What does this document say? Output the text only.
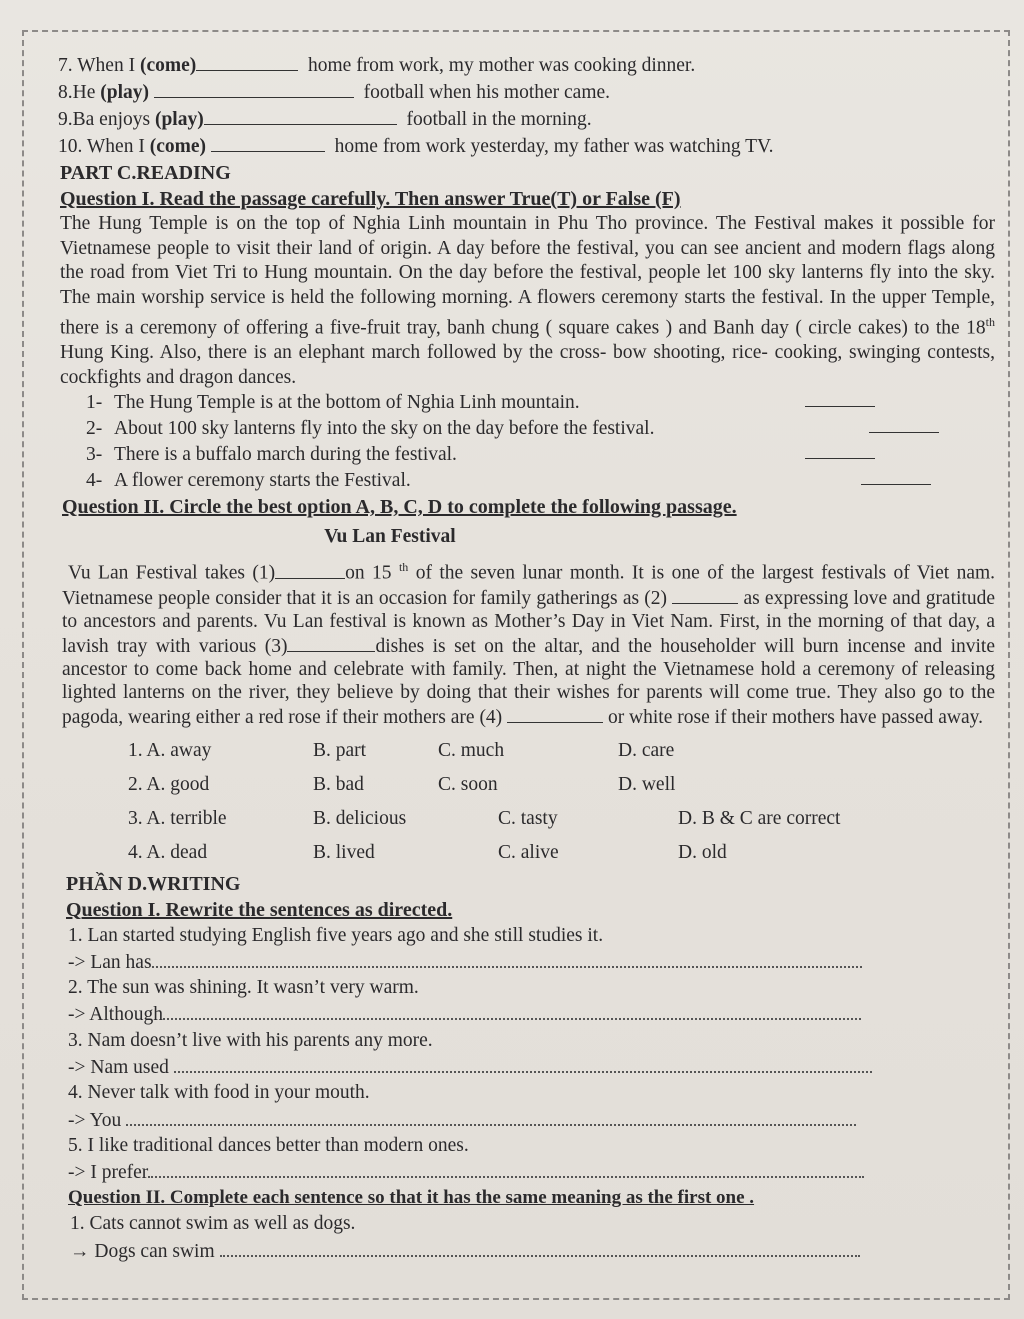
7. When I (come)	home from work, my mother was cooking dinner.
8.He (play)	football when his mother came.
9.Ba enjoys (play)	football in the morning.
10. When I (come)	home from work yesterday, my father was watching TV.
PART C.READING
Question I. Read the passage carefully. Then answer True(T) or False (F)

The Hung Temple is on the top of Nghia Linh mountain in Phu Tho province. The Festival makes it possible for Vietnamese people to visit their land of origin. A day before the festival, you can see ancient and modern flags along the road from Viet Tri to Hung mountain. On the day before the festival, people let 100 sky lanterns fly into the sky. The main worship service is held the following morning. A flowers ceremony starts the festival. In the upper Temple, there is a ceremony of offering a five-fruit tray, banh chung ( square cakes ) and Banh day ( circle cakes) to the 18th Hung King. Also, there is an elephant march followed by the cross- bow shooting, rice- cooking, swinging contests, cockfights and dragon dances.

1- The Hung Temple is at the bottom of Nghia Linh mountain.
2- About 100 sky lanterns fly into the sky on the day before the festival.
3- There is a buffalo march during the festival.
4- A flower ceremony starts the Festival.
Question II. Circle the best option A, B, C, D to complete the following passage.
Vu Lan Festival

Vu Lan Festival takes (1)	on 15 $^{th}$ of the seven lunar month. It is one of the largest festivals of Viet nam. Vietnamese people consider that it is an occasion for family gatherings as (2)	as expressing love and gratitude to ancestors and parents. Vu Lan festival is known as Mother’s Day in Viet Nam. First, in the morning of that day, a lavish tray with various (3)	dishes is set on the altar, and the householder will burn incense and invite ancestor to come back home and celebrate with family. Then, at night the Vietnamese hold a ceremony of releasing lighted lanterns on the river, they believe by doing that their wishes for parents will come true. They also go to the pagoda, wearing either a red rose if their mothers are (4)	or white rose if their mothers have passed away.

1. A. away	B. part	C. much	D. care
2. A. good	B. bad	C. soon	D. well
3. A. terrible	B. delicious	C. tasty	D. B & C are correct
4. A. dead	B. lived	C. alive	D. old
PHẦN D.WRITING
Question I. Rewrite the sentences as directed.
1. Lan started studying English five years ago and she still studies it.
-> Lan has
2. The sun was shining. It wasn’t very warm.
-> Although
3. Nam doesn’t live with his parents any more.
-> Nam used
4. Never talk with food in your mouth.
-> You
5. I like traditional dances better than modern ones.
-> I prefer
Question II. Complete each sentence so that it has the same meaning as the first one .
1. Cats cannot swim as well as dogs.
→ Dogs can swim
